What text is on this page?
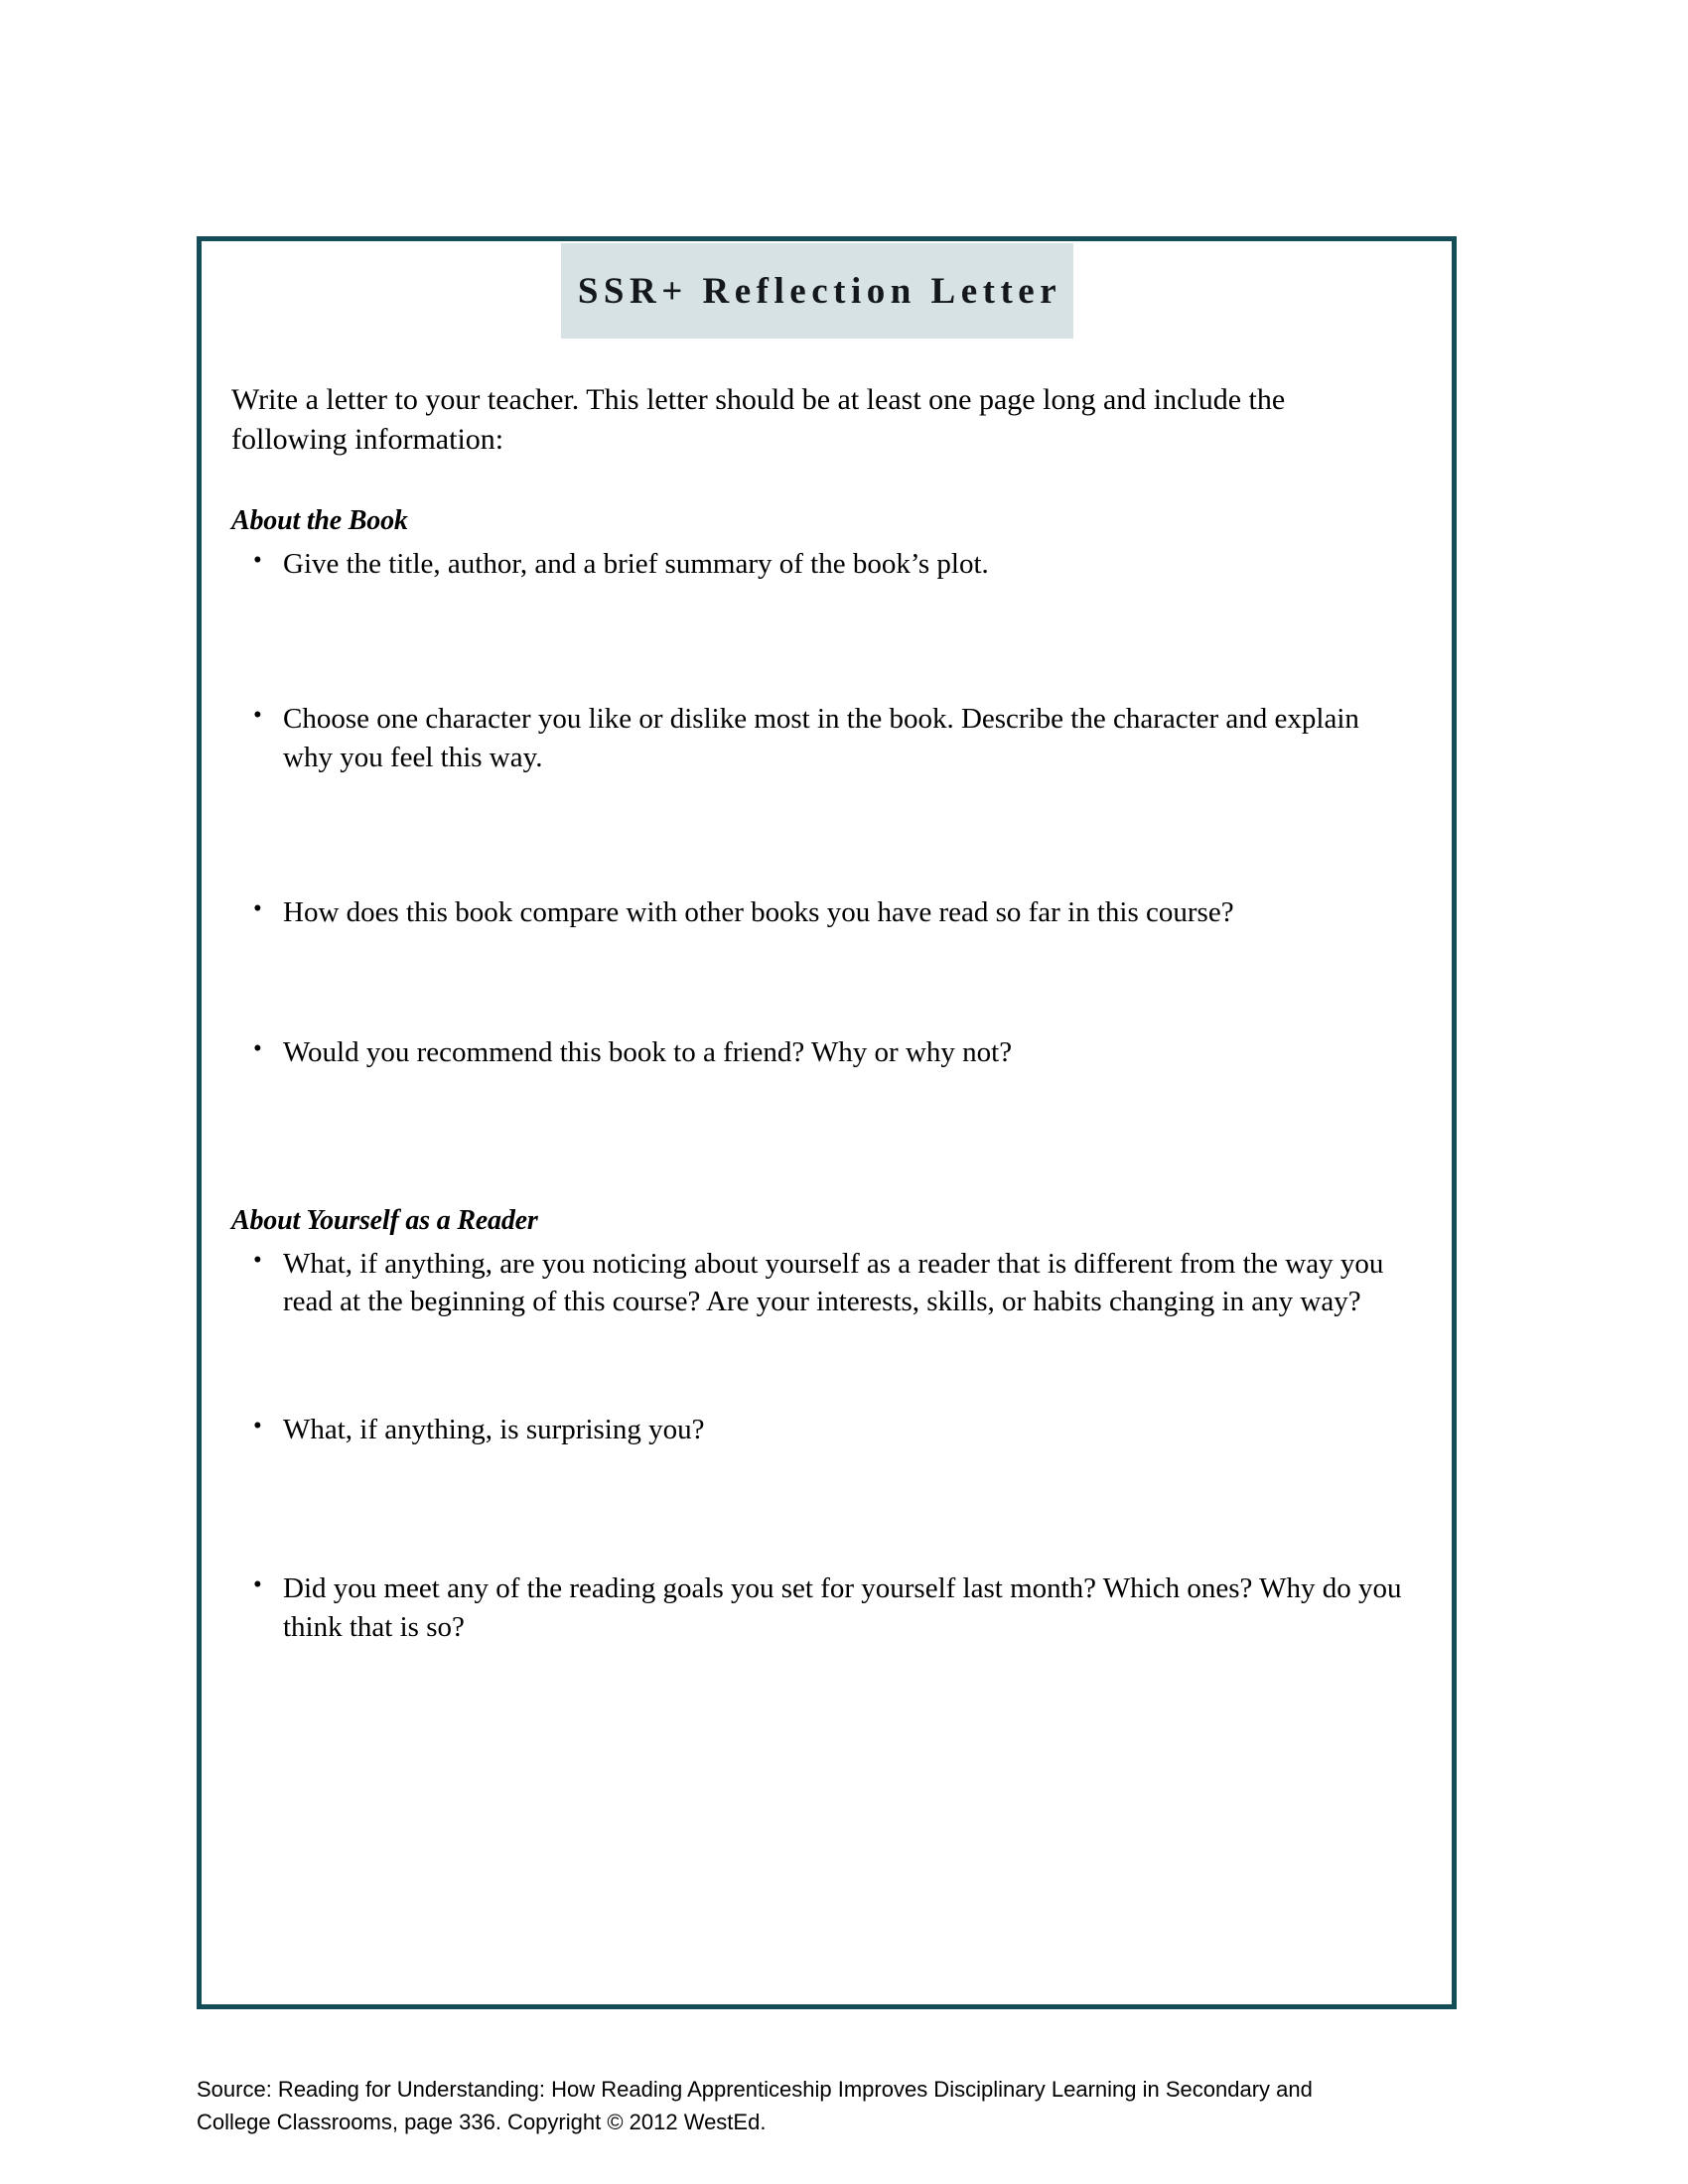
SSR+ Reflection Letter

Write a letter to your teacher. This letter should be at least one page long and include the following information:

About the Book
• Give the title, author, and a brief summary of the book’s plot.
• Choose one character you like or dislike most in the book. Describe the character and explain why you feel this way.
• How does this book compare with other books you have read so far in this course?
• Would you recommend this book to a friend? Why or why not?
About Yourself as a Reader
• What, if anything, are you noticing about yourself as a reader that is different from the way you read at the beginning of this course? Are your interests, skills, or habits changing in any way?
• What, if anything, is surprising you?
• Did you meet any of the reading goals you set for yourself last month? Which ones? Why do you think that is so?
Source: Reading for Understanding: How Reading Apprenticeship Improves Disciplinary Learning in Secondary and
College Classrooms, page 336. Copyright © 2012 WestEd.
